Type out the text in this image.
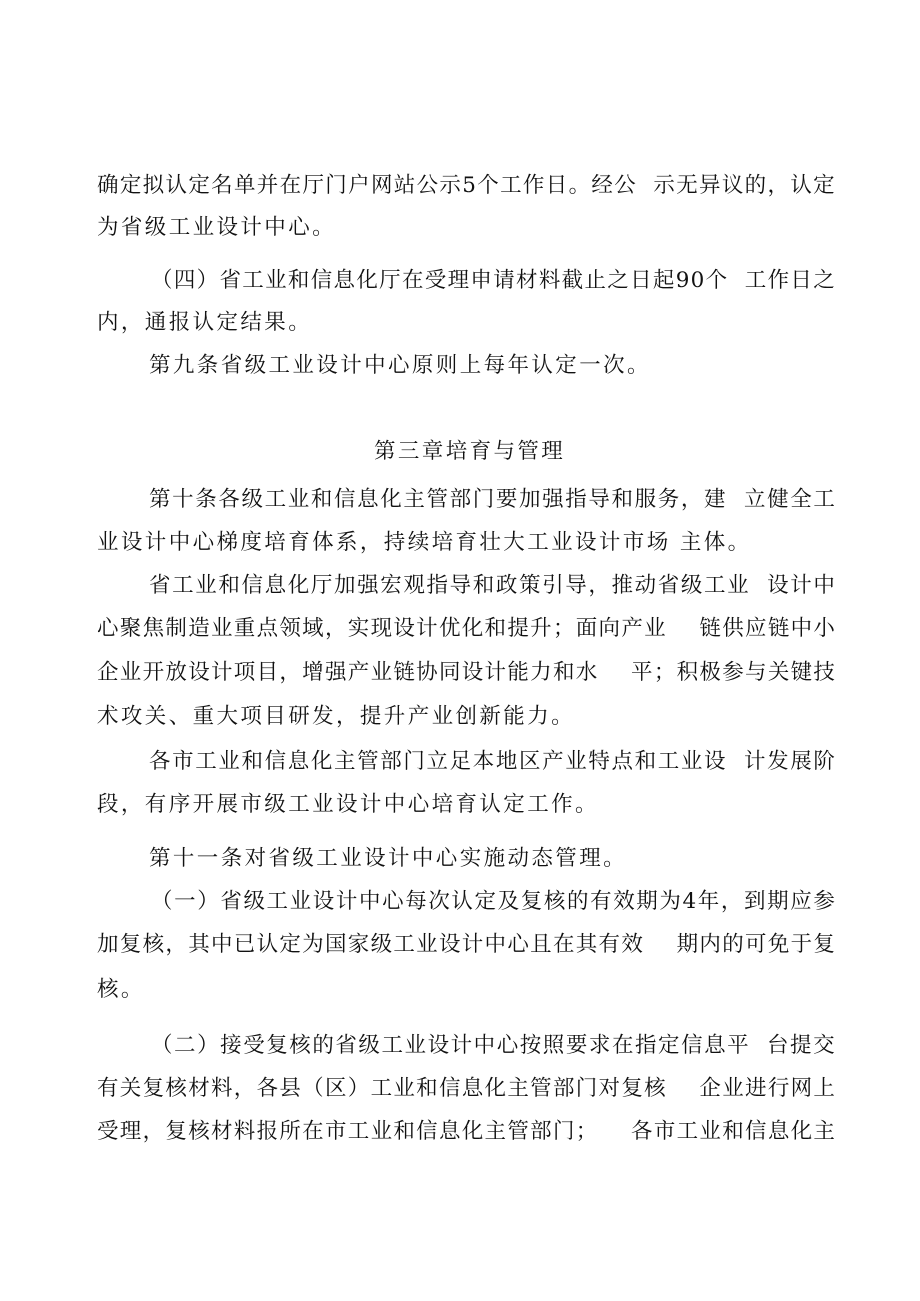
确 定 拟 认 定 名 单 并 在 厅 门 户 网 站 公 示 5 个 工 作 日 。 经 公

示 无 异 议 的 ， 认 定
为省级工业设计中心。
（ 四 ） 省 工 业 和 信 息 化 厅 在 受 理 申 请 材 料 截 止 之 日 起 9 0 个

工 作 日 之
内，通报认定结果。
第九条省级工业设计中心原则上每年认定一次。
第三章培育与管理
第 十 条 各 级 工 业 和 信 息 化 主 管 部 门 要 加 强 指 导 和 服 务 ， 建

立 健 全 工
业设计中心梯度培育体系，持续培育壮大工业设计市场 主体。
省 工 业 和 信 息 化 厅 加 强 宏 观 指 导 和 政 策 引 导 ， 推 动 省 级 工 业

设 计 中
心 聚 焦 制 造 业 重 点 领 域 ， 实 现 设 计 优 化 和 提 升 ； 面 向 产 业

链 供 应 链 中 小
企 业 开 放 设 计 项 目 ， 增 强 产 业 链 协 同 设 计 能 力 和 水

平 ； 积 极 参 与 关 键 技
术攻关、重大项目研发，提升产业创新能力。
各 市 工 业 和 信 息 化 主 管 部 门 立 足 本 地 区 产 业 特 点 和 工 业 设

计 发 展 阶
段，有序开展市级工业设计中心培育认定工作。
第十一条对省级工业设计中心实施动态管理。
（ 一 ） 省 级 工 业 设 计 中 心 每 次 认 定 及 复 核 的 有 效 期 为 4 年 ， 到 期 应 参
加 复 核 ， 其 中 已 认 定 为 国 家 级 工 业 设 计 中 心 且 在 其 有 效

期 内 的 可 免 于 复
核。
（ 二 ） 接 受 复 核 的 省 级 工 业 设 计 中 心 按 照 要 求 在 指 定 信 息 平

台 提 交
有 关 复 核 材 料 ， 各 县 （ 区 ） 工 业 和 信 息 化 主 管 部 门 对 复 核

企 业 进 行 网 上
受 理 ， 复 核 材 料 报 所 在 市 工 业 和 信 息 化 主 管 部 门 ；

各 市 工 业 和 信 息 化 主
